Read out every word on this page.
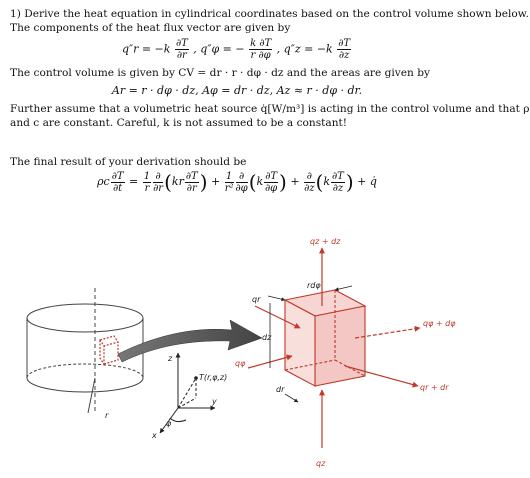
1) Derive the heat equation in cylindrical coordinates based on the control volume shown below.
The components of the heat flux vector are given by
$q''r = -k \frac{\partial T}{\partial r}$ , q″φ = − $\frac{k \partial T}{r \partial\varphi}$ , $q''z = -k \frac{\partial T}{\partial z}$
The control volume is given by CV = dr · r · dφ · dz and the areas are given by
Ar = r · dφ · dz, Aφ = dr · dz, Az ≈ r · dφ · dr.
Further assume that a volumetric heat source q̇[W/m³] is acting in the control volume and that ρ
and c are constant. Careful, k is not assumed to be a constant!
The final result of your derivation should be
ρc $\frac{\partial T}{\partial t} = \frac{1}{r} \frac{\partial}{\partial r} (kr \frac{\partial T}{\partial r}$ ) + $\frac{1}{\text{r²}} \frac{\partial}{\partial\varphi} (k \frac{\partial T}{\partial\varphi}$ ) + $\frac{\partial}{\partial z} (k \frac{\partial T}{\partial z}$ ) + q̇
r
z
T(r,φ,z)
y
x
φ
qz + dz
rdφ
qr
dz
qφ + dφ
qφ
qr + dr
dr
qz
